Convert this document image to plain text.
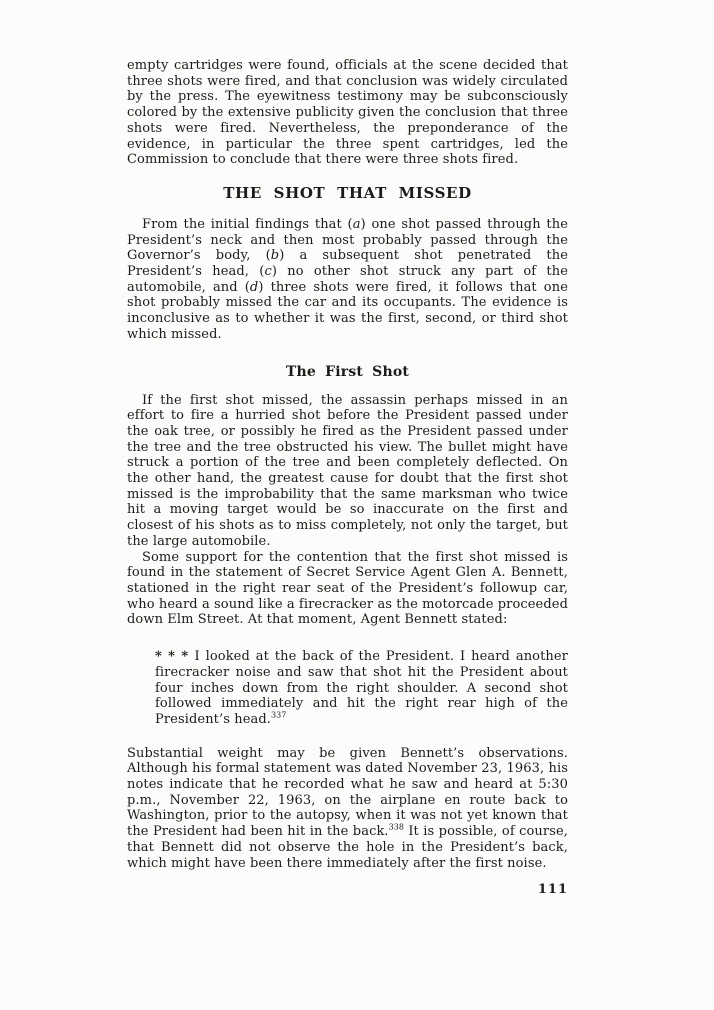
empty cartridges were found, officials at the scene decided that three shots were fired, and that conclusion was widely circulated by the press. The eyewitness testimony may be subconsciously colored by the extensive publicity given the conclusion that three shots were fired. Nevertheless, the preponderance of the evidence, in particular the three spent cartridges, led the Commission to conclude that there were three shots fired.

THE SHOT THAT MISSED

From the initial findings that (a) one shot passed through the President’s neck and then most probably passed through the Governor’s body, (b) a subsequent shot penetrated the President’s head, (c) no other shot struck any part of the automobile, and (d) three shots were fired, it follows that one shot probably missed the car and its occupants. The evidence is inconclusive as to whether it was the first, second, or third shot which missed.

The First Shot

If the first shot missed, the assassin perhaps missed in an effort to fire a hurried shot before the President passed under the oak tree, or possibly he fired as the President passed under the tree and the tree obstructed his view. The bullet might have struck a portion of the tree and been completely deflected. On the other hand, the greatest cause for doubt that the first shot missed is the improbability that the same marksman who twice hit a moving target would be so inaccurate on the first and closest of his shots as to miss completely, not only the target, but the large automobile.

Some support for the contention that the first shot missed is found in the statement of Secret Service Agent Glen A. Bennett, stationed in the right rear seat of the President’s followup car, who heard a sound like a firecracker as the motorcade proceeded down Elm Street. At that moment, Agent Bennett stated:

* * * I looked at the back of the President. I heard another firecracker noise and saw that shot hit the President about four inches down from the right shoulder. A second shot followed immediately and hit the right rear high of the President’s head.$^{337}$

Substantial weight may be given Bennett’s observations. Although his formal statement was dated November 23, 1963, his notes indicate that he recorded what he saw and heard at 5:30 p.m., November 22, 1963, on the airplane en route back to Washington, prior to the autopsy, when it was not yet known that the President had been hit in the back.$^{338}$ It is possible, of course, that Bennett did not observe the hole in the President’s back, which might have been there immediately after the first noise.

111
